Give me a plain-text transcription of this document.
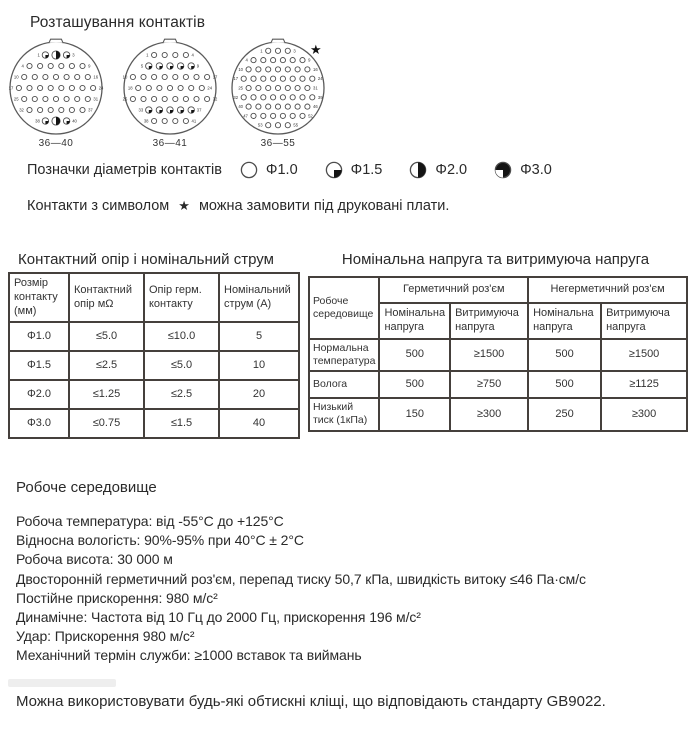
Розташування контактів
1	3
4	9
10	16
17	24
25	31
32	37
38	40
36—40
1	4
5	9
10	17
18	24
25	32
33	37
38	41
36—41
1	3
4	9
10	16
17	24
25	31
32	39
40	46
47	52
53	55
36—55
★
Позначки діаметрів контактів	Φ1.0	Φ1.5	Φ2.0	Φ3.0
Контакти з символом ★ можна замовити під друковані плати.
Контактний опір і номінальний струм
Розмір контакту (мм)	Контактний опір мΩ	Опір герм. контакту	Номінальний струм (А)
Φ1.0	≤5.0	≤10.0	5
Φ1.5	≤2.5	≤5.0	10
Φ2.0	≤1.25	≤2.5	20
Φ3.0	≤0.75	≤1.5	40
Номінальна напруга та витримуюча напруга
Робоче середовище	Герметичний роз'єм		Негерметичний роз'єм	
	Номінальна напруга	Витримуюча напруга	Номінальна напруга	Витримуюча напруга
Нормальна температура	500	≥1500	500	≥1500
Волога	500	≥750	500	≥1125
Низький тиск (1кПа)	150	≥300	250	≥300
Робоче середовище
Робоча температура: від -55°C до +125°C
Відносна вологість: 90%-95% при 40°C ± 2°C
Робоча висота: 30 000 м
Двосторонній герметичний роз'єм, перепад тиску 50,7 кПа, швидкість витоку ≤46 Па·см/с
Постійне прискорення: 980 м/с²
Динамічне: Частота від 10 Гц до 2000 Гц, прискорення 196 м/с²
Удар: Прискорення 980 м/с²
Механічний термін служби: ≥1000 вставок та виймань
Можна використовувати будь-які обтискні кліщі, що відповідають стандарту GB9022.
